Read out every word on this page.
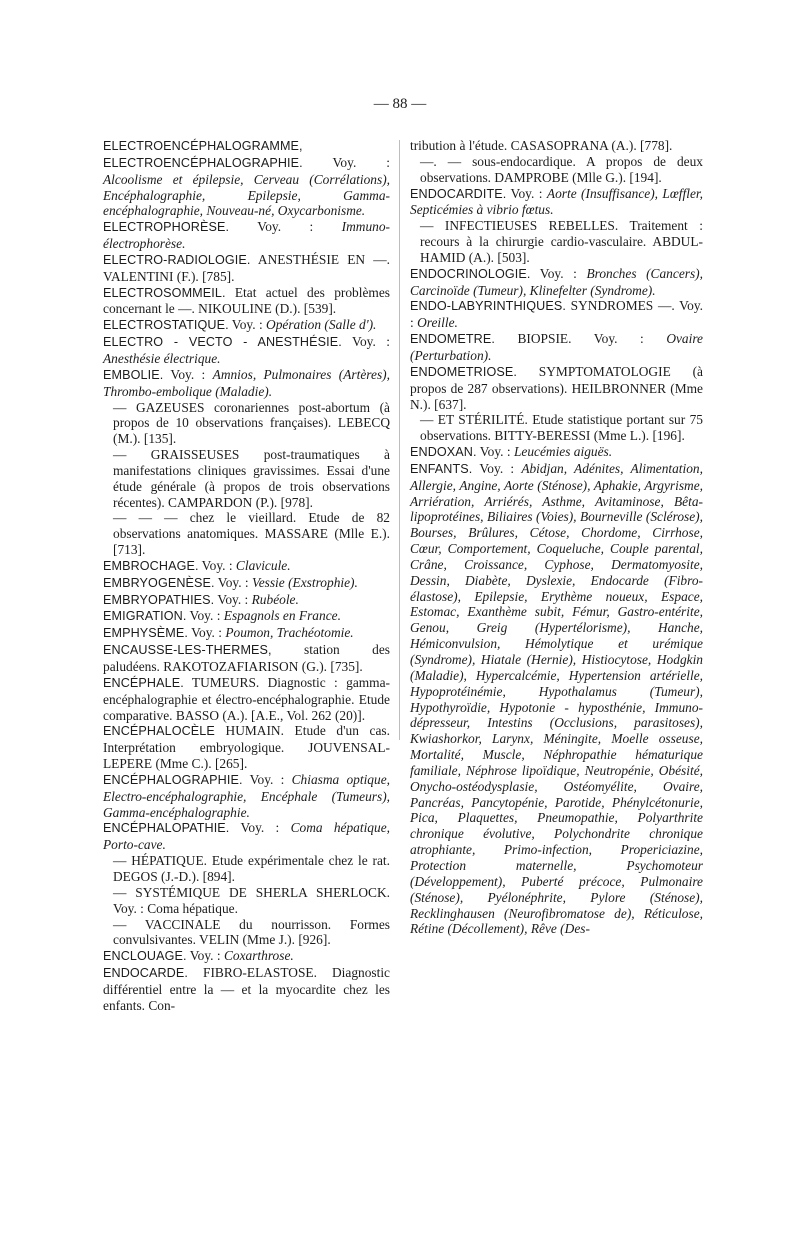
— 88 —
ELECTROENCÉPHALOGRAMME, ELECTROENCÉPHALOGRAPHIE. Voy. : Alcoolisme et épilepsie, Cerveau (Corrélations), Encéphalographie, Epilepsie, Gamma-encéphalographie, Nouveau-né, Oxycarbonisme.
ELECTROPHORÈSE. Voy. : Immuno-électrophorèse.
ELECTRO-RADIOLOGIE. ANESTHÉSIE EN —. VALENTINI (F.). [785].
ELECTROSOMMEIL. Etat actuel des problèmes concernant le —. NIKOULINE (D.). [539].
ELECTROSTATIQUE. Voy. : Opération (Salle d').
ELECTRO - VECTO - ANESTHÉSIE. Voy. : Anesthésie électrique.
EMBOLIE. Voy. : Amnios, Pulmonaires (Artères), Thrombo-embolique (Maladie).
— GAZEUSES coronariennes post-abortum (à propos de 10 observations françaises). LEBECQ (M.). [135].
— GRAISSEUSES post-traumatiques à manifestations cliniques gravissimes. Essai d'une étude générale (à propos de trois observations récentes). CAMPARDON (P.). [978].
— — — chez le vieillard. Etude de 82 observations anatomiques. MASSARE (Mlle E.). [713].
EMBROCHAGE. Voy. : Clavicule.
EMBRYOGENÈSE. Voy. : Vessie (Exstrophie).
EMBRYOPATHIES. Voy. : Rubéole.
EMIGRATION. Voy. : Espagnols en France.
EMPHYSÈME. Voy. : Poumon, Trachéotomie.
ENCAUSSE-LES-THERMES, station des paludéens. RAKOTOZAFIARISON (G.). [735].
ENCÉPHALE. TUMEURS. Diagnostic : gamma-encéphalographie et électro-encéphalographie. Etude comparative. BASSO (A.). [A.E., Vol. 262 (20)].
ENCÉPHALOCÈLE HUMAIN. Etude d'un cas. Interprétation embryologique. JOUVENSAL-LEPERE (Mme C.). [265].
ENCÉPHALOGRAPHIE. Voy. : Chiasma optique, Electro-encéphalographie, Encéphale (Tumeurs), Gamma-encéphalographie.
ENCÉPHALOPATHIE. Voy. : Coma hépatique, Porto-cave.
— HÉPATIQUE. Etude expérimentale chez le rat. DEGOS (J.-D.). [894].
— SYSTÉMIQUE DE SHERLA SHERLOCK. Voy. : Coma hépatique.
— VACCINALE du nourrisson. Formes convulsivantes. VELIN (Mme J.). [926].
ENCLOUAGE. Voy. : Coxarthrose.
ENDOCARDE. FIBRO-ELASTOSE. Diagnostic différentiel entre la — et la myocardite chez les enfants. Con-
tribution à l'étude. CASASOPRANA (A.). [778].
—. — sous-endocardique. A propos de deux observations. DAMPROBE (Mlle G.). [194].
ENDOCARDITE. Voy. : Aorte (Insuffisance), Lœffler, Septicémies à vibrio fœtus.
— INFECTIEUSES REBELLES. Traitement : recours à la chirurgie cardio-vasculaire. ABDUL-HAMID (A.). [503].
ENDOCRINOLOGIE. Voy. : Bronches (Cancers), Carcinoïde (Tumeur), Klinefelter (Syndrome).
ENDO-LABYRINTHIQUES. SYNDROMES —. Voy. : Oreille.
ENDOMETRE. BIOPSIE. Voy. : Ovaire (Perturbation).
ENDOMETRIOSE. SYMPTOMATOLOGIE (à propos de 287 observations). HEILBRONNER (Mme N.). [637].
— ET STÉRILITÉ. Etude statistique portant sur 75 observations. BITTY-BERESSI (Mme L.). [196].
ENDOXAN. Voy. : Leucémies aiguës.
ENFANTS. Voy. : Abidjan, Adénites, Alimentation, Allergie, Angine, Aorte (Sténose), Aphakie, Argyrisme, Arriération, Arriérés, Asthme, Avitaminose, Bêta-lipoprotéines, Biliaires (Voies), Bourneville (Sclérose), Bourses, Brûlures, Cétose, Chordome, Cirrhose, Cœur, Comportement, Coqueluche, Couple parental, Crâne, Croissance, Cyphose, Dermatomyosite, Dessin, Diabète, Dyslexie, Endocarde (Fibro-élastose), Epilepsie, Erythème noueux, Espace, Estomac, Exanthème subit, Fémur, Gastro-entérite, Genou, Greig (Hypertélorisme), Hanche, Hémiconvulsion, Hémolytique et urémique (Syndrome), Hiatale (Hernie), Histiocytose, Hodgkin (Maladie), Hypercalcémie, Hypertension artérielle, Hypoprotéinémie, Hypothalamus (Tumeur), Hypothyroïdie, Hypotonie - hyposthénie, Immuno-dépresseur, Intestins (Occlusions, parasitoses), Kwiashorkor, Larynx, Méningite, Moelle osseuse, Mortalité, Muscle, Néphropathie hématurique familiale, Néphrose lipoïdique, Neutropénie, Obésité, Onycho-ostéodysplasie, Ostéomyélite, Ovaire, Pancréas, Pancytopénie, Parotide, Phénylcétonurie, Pica, Plaquettes, Pneumopathie, Polyarthrite chronique évolutive, Polychondrite chronique atrophiante, Primo-infection, Propericiazine, Protection maternelle, Psychomoteur (Développement), Puberté précoce, Pulmonaire (Sténose), Pyélonéphrite, Pylore (Sténose), Recklinghausen (Neurofibromatose de), Réticulose, Rétine (Décollement), Rêve (Des-
